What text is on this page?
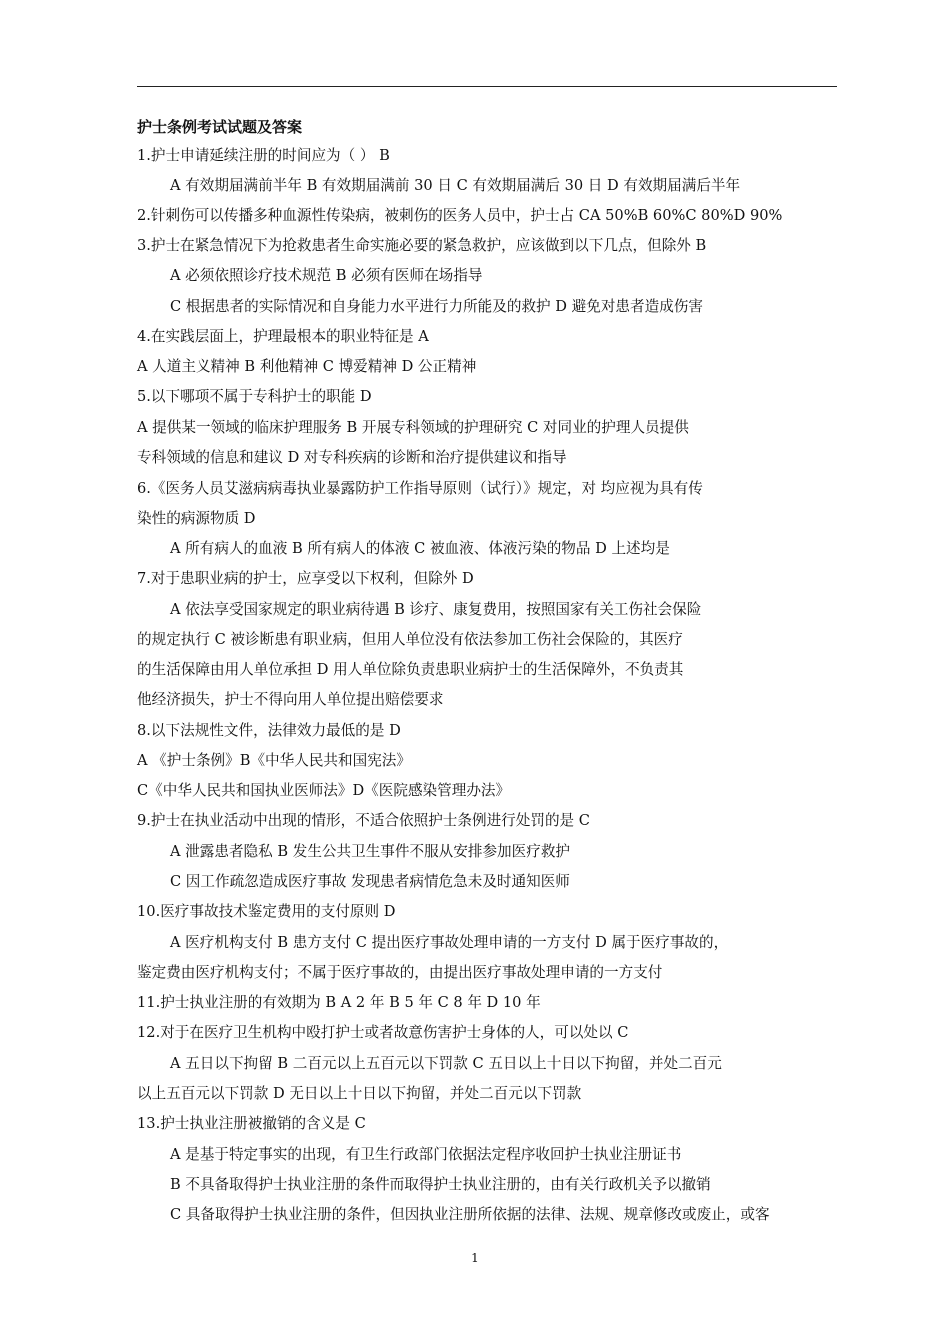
护士条例考试试题及答案
1.护士申请延续注册的时间应为（ ） B
A 有效期届满前半年 B 有效期届满前 30 日 C 有效期届满后 30 日 D 有效期届满后半年
2.针刺伤可以传播多种血源性传染病，被刺伤的医务人员中，护士占 CA 50%B 60%C 80%D 90%
3.护士在紧急情况下为抢救患者生命实施必要的紧急救护，应该做到以下几点，但除外 B
A 必须依照诊疗技术规范 B 必须有医师在场指导
C 根据患者的实际情况和自身能力水平进行力所能及的救护 D 避免对患者造成伤害
4.在实践层面上，护理最根本的职业特征是 A
A 人道主义精神 B 利他精神 C 博爱精神 D 公正精神
5.以下哪项不属于专科护士的职能 D
A 提供某一领域的临床护理服务 B 开展专科领域的护理研究 C 对同业的护理人员提供
专科领域的信息和建议 D 对专科疾病的诊断和治疗提供建议和指导
6.《医务人员艾滋病病毒执业暴露防护工作指导原则（试行）》规定，对 均应视为具有传
染性的病源物质 D
A 所有病人的血液 B 所有病人的体液 C 被血液、体液污染的物品 D 上述均是
7.对于患职业病的护士，应享受以下权利，但除外 D
A 依法享受国家规定的职业病待遇 B 诊疗、康复费用，按照国家有关工伤社会保险
的规定执行 C 被诊断患有职业病，但用人单位没有依法参加工伤社会保险的，其医疗
的生活保障由用人单位承担 D 用人单位除负责患职业病护士的生活保障外，不负责其
他经济损失，护士不得向用人单位提出赔偿要求
8.以下法规性文件，法律效力最低的是 D
A 《护士条例》B《中华人民共和国宪法》
C《中华人民共和国执业医师法》D《医院感染管理办法》
9.护士在执业活动中出现的情形，不适合依照护士条例进行处罚的是 C
A 泄露患者隐私 B 发生公共卫生事件不服从安排参加医疗救护
C 因工作疏忽造成医疗事故 发现患者病情危急未及时通知医师
10.医疗事故技术鉴定费用的支付原则 D
A 医疗机构支付 B 患方支付 C 提出医疗事故处理申请的一方支付 D 属于医疗事故的，
鉴定费由医疗机构支付；不属于医疗事故的，由提出医疗事故处理申请的一方支付
11.护士执业注册的有效期为 B A 2 年 B 5 年 C 8 年 D 10 年
12.对于在医疗卫生机构中殴打护士或者故意伤害护士身体的人，可以处以 C
A 五日以下拘留 B 二百元以上五百元以下罚款 C 五日以上十日以下拘留，并处二百元
以上五百元以下罚款 D 无日以上十日以下拘留，并处二百元以下罚款
13.护士执业注册被撤销的含义是 C
A 是基于特定事实的出现，有卫生行政部门依据法定程序收回护士执业注册证书
B 不具备取得护士执业注册的条件而取得护士执业注册的，由有关行政机关予以撤销
C 具备取得护士执业注册的条件，但因执业注册所依据的法律、法规、规章修改或废止，或客
1
